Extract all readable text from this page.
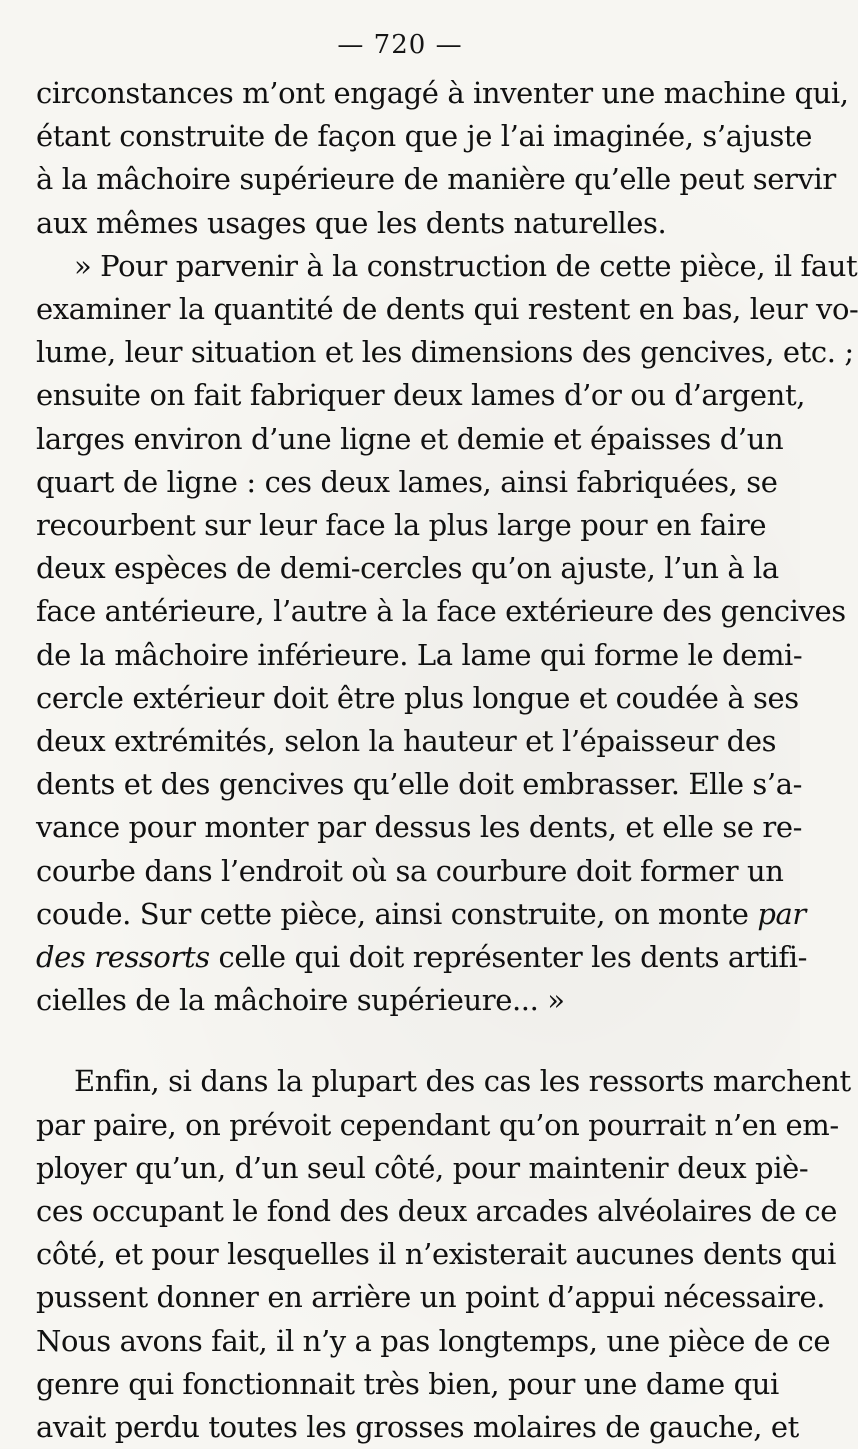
— 720 —
circonstances m’ont engagé à inventer une machine qui,
étant construite de façon que je l’ai imaginée, s’ajuste
à la mâchoire supérieure de manière qu’elle peut servir
aux mêmes usages que les dents naturelles.
» Pour parvenir à la construction de cette pièce, il faut
examiner la quantité de dents qui restent en bas, leur vo-
lume, leur situation et les dimensions des gencives, etc. ;
ensuite on fait fabriquer deux lames d’or ou d’argent,
larges environ d’une ligne et demie et épaisses d’un
quart de ligne : ces deux lames, ainsi fabriquées, se
recourbent sur leur face la plus large pour en faire
deux espèces de demi-cercles qu’on ajuste, l’un à la
face antérieure, l’autre à la face extérieure des gencives
de la mâchoire inférieure. La lame qui forme le demi-
cercle extérieur doit être plus longue et coudée à ses
deux extrémités, selon la hauteur et l’épaisseur des
dents et des gencives qu’elle doit embrasser. Elle s’a-
vance pour monter par dessus les dents, et elle se re-
courbe dans l’endroit où sa courbure doit former un
coude. Sur cette pièce, ainsi construite, on monte par
des ressorts celle qui doit représenter les dents artifi-
cielles de la mâchoire supérieure... »
Enfin, si dans la plupart des cas les ressorts marchent
par paire, on prévoit cependant qu’on pourrait n’en em-
ployer qu’un, d’un seul côté, pour maintenir deux piè-
ces occupant le fond des deux arcades alvéolaires de ce
côté, et pour lesquelles il n’existerait aucunes dents qui
pussent donner en arrière un point d’appui nécessaire.
Nous avons fait, il n’y a pas longtemps, une pièce de ce
genre qui fonctionnait très bien, pour une dame qui
avait perdu toutes les grosses molaires de gauche, et
